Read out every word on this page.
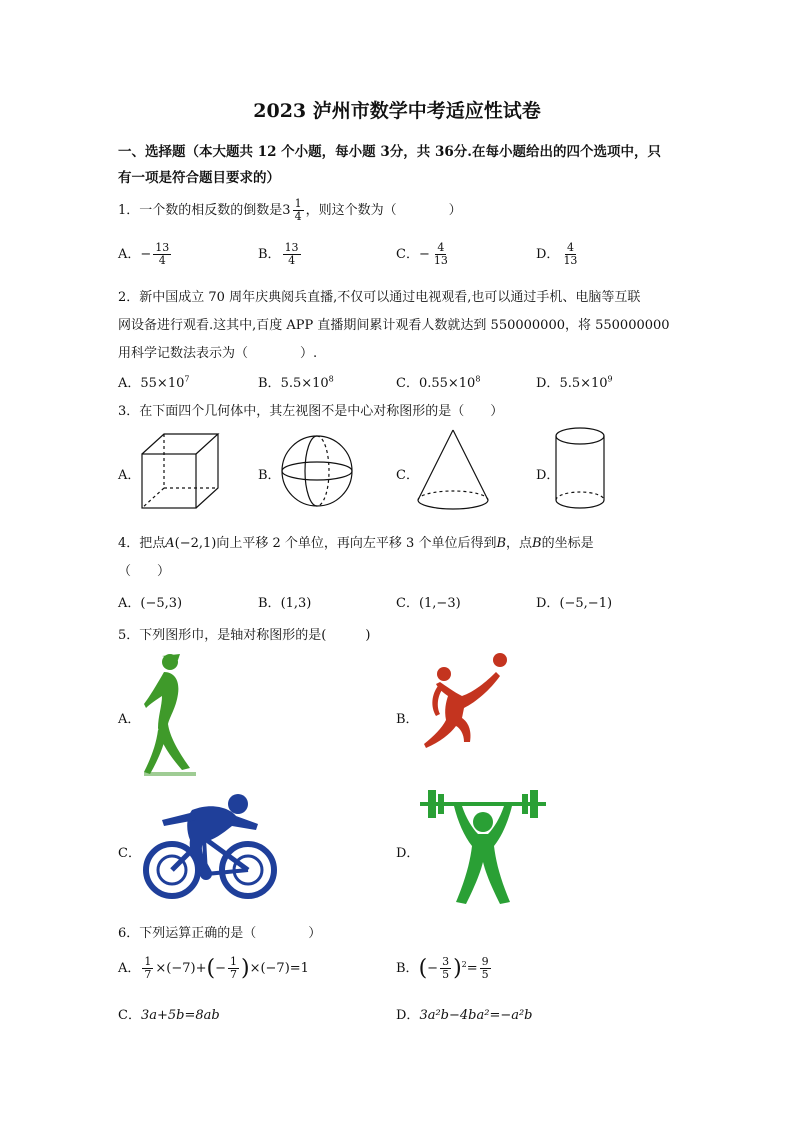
2023 泸州市数学中考适应性试卷
一、选择题（本大题共 12 个小题，每小题 3分，共 36分.在每小题给出的四个选项中，只
有一项是符合题目要求的）
1．一个数的相反数的倒数是$3 \frac{1}{4}$ ，则这个数为（　　　　）
A．− $\frac{13}{4}$	B． $\frac{13}{4}$	C．− $\frac{4}{13}$	D． $\frac{4}{13}$
2．新中国成立 70 周年庆典阅兵直播,不仅可以通过电视观看,也可以通过手机、电脑等互联
网设备进行观看.这其中,百度 APP 直播期间累计观看人数就达到 550000000，将 550000000
用科学记数法表示为（　　　　）.
A．$55\times 10^7$	B．$5.5\times 10^8$	C．$0.55\times 10^8$	D．$5.5\times 10^9$
3．在下面四个几何体中，其左视图不是中心对称图形的是（　　）
A．	B．	C．	D．
4．把点A(−2,1)向上平移 2 个单位，再向左平移 3 个单位后得到B，点B的坐标是
（　　）
A．(−5,3)	B．(1,3)	C．(1,−3)	D．(−5,−1)
5．下列图形巾，是轴对称图形的是(　　　)
A．	B．
C．	D．
6．下列运算正确的是（　　　　）
A． $\frac{1}{7} \times(-7)+(- \frac{1}{7} )\times(-7)=1$	B．(− $\frac{3}{5} )^2= \frac{9}{5}$
C．3a+5b=8ab	D．3a²b−4ba²=−a²b
